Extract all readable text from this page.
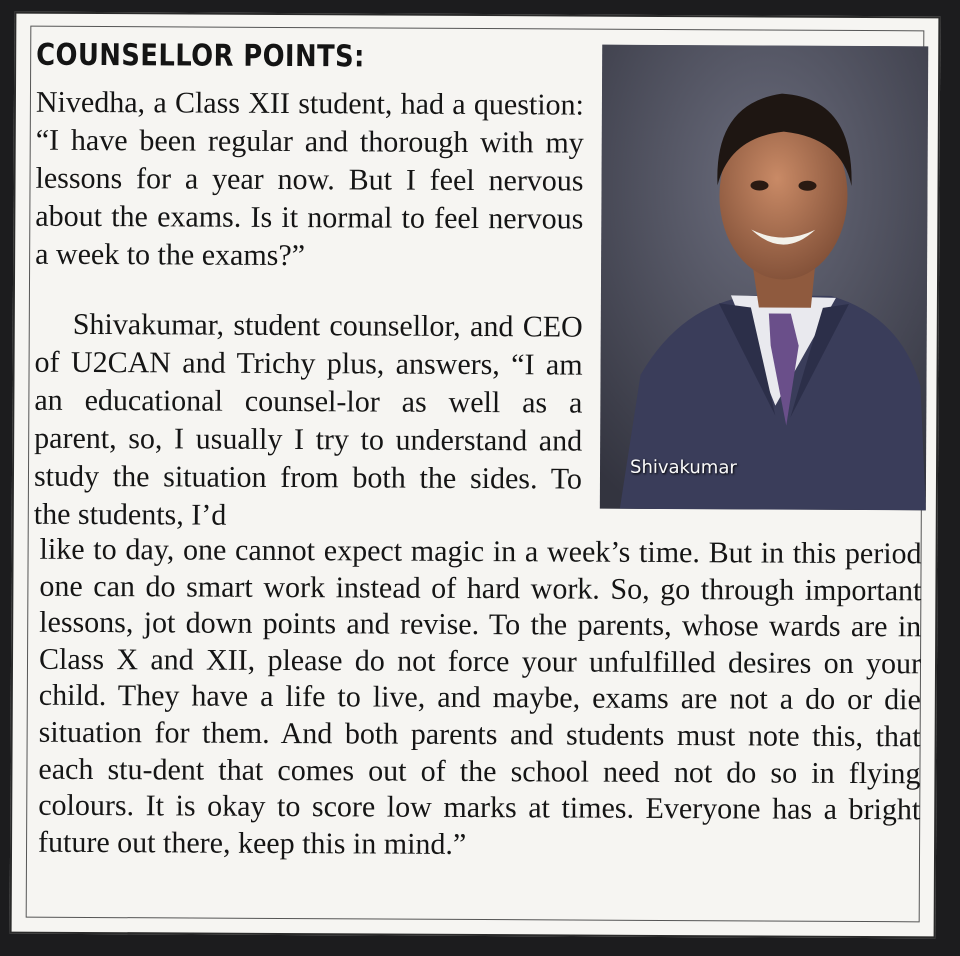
COUNSELLOR POINTS:
Nivedha, a Class XII student, had a question: “I have been regular and thorough with my lessons for a year now. But I feel nervous about the exams. Is it normal to feel nervous a week to the exams?”
Shivakumar, student counsellor, and CEO of U2CAN and Trichy plus, answers, “I am an educational counsel-lor as well as a parent, so, I usually I try to understand and study the situation from both the sides. To the students, I’d
Shivakumar
like to day, one cannot expect magic in a week’s time. But in this period one can do smart work instead of hard work. So, go through important lessons, jot down points and revise. To the parents, whose wards are in Class X and XII, please do not force your unfulfilled desires on your child. They have a life to live, and maybe, exams are not a do or die situation for them. And both parents and students must note this, that each stu-dent that comes out of the school need not do so in flying colours. It is okay to score low marks at times. Everyone has a bright future out there, keep this in mind.”
